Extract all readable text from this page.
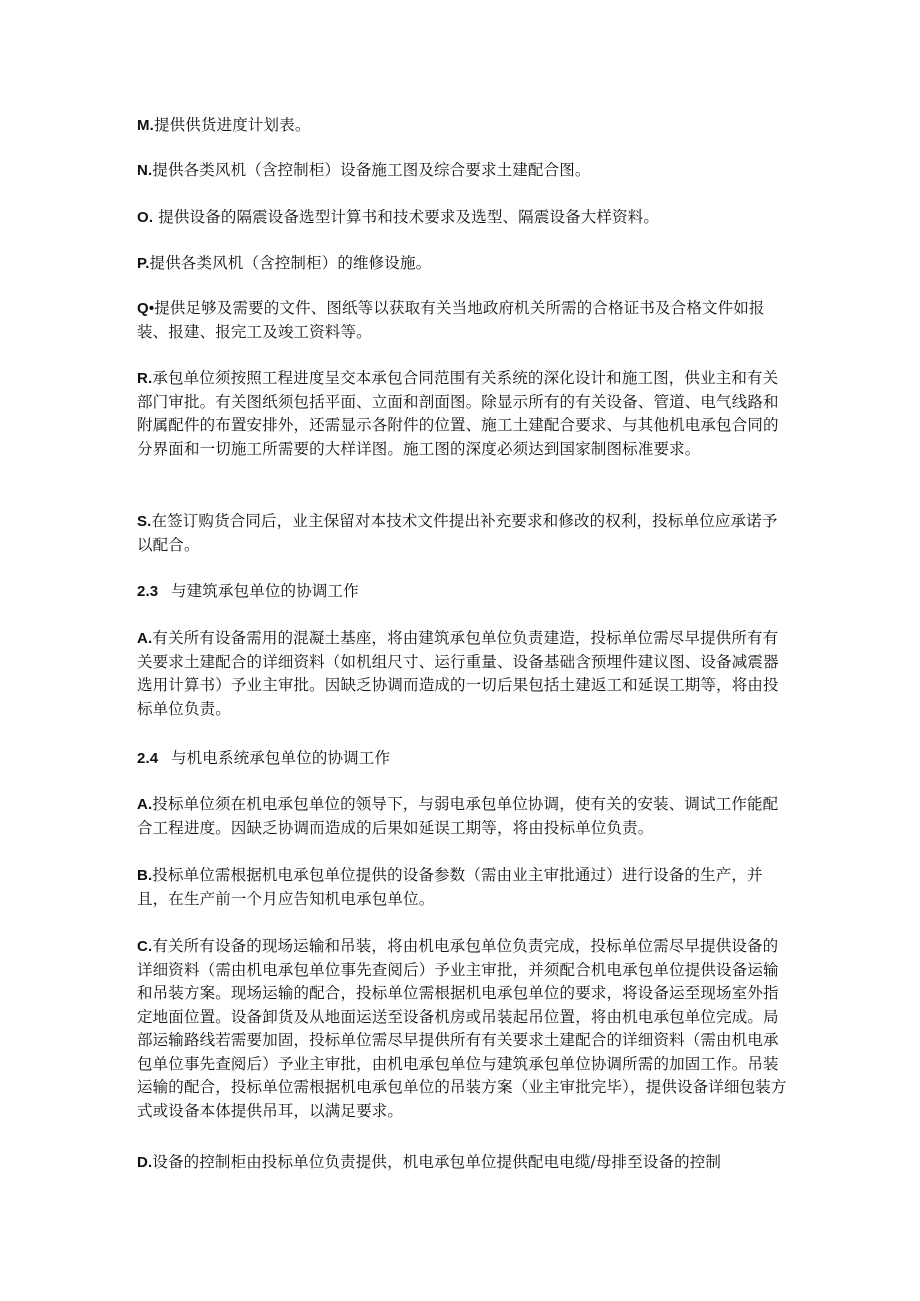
M.提供供货进度计划表。

N.提供各类风机（含控制柜）设备施工图及综合要求土建配合图。

O. 提供设备的隔震设备选型计算书和技术要求及选型、隔震设备大样资料。

P.提供各类风机（含控制柜）的维修设施。

Q•提供足够及需要的文件、图纸等以获取有关当地政府机关所需的合格证书及合格文件如报装、报建、报完工及竣工资料等。

R.承包单位须按照工程进度呈交本承包合同范围有关系统的深化设计和施工图，供业主和有关部门审批。有关图纸须包括平面、立面和剖面图。除显示所有的有关设备、管道、电气线路和附属配件的布置安排外，还需显示各附件的位置、施工土建配合要求、与其他机电承包合同的分界面和一切施工所需要的大样详图。施工图的深度必须达到国家制图标准要求。

S.在签订购货合同后，业主保留对本技术文件提出补充要求和修改的权利，投标单位应承诺予以配合。

2.3 与建筑承包单位的协调工作

A.有关所有设备需用的混凝土基座，将由建筑承包单位负责建造，投标单位需尽早提供所有有关要求土建配合的详细资料（如机组尺寸、运行重量、设备基础含预埋件建议图、设备减震器选用计算书）予业主审批。因缺乏协调而造成的一切后果包括土建返工和延误工期等，将由投标单位负责。

2.4 与机电系统承包单位的协调工作

A.投标单位须在机电承包单位的领导下，与弱电承包单位协调，使有关的安装、调试工作能配合工程进度。因缺乏协调而造成的后果如延误工期等，将由投标单位负责。

B.投标单位需根据机电承包单位提供的设备参数（需由业主审批通过）进行设备的生产，并且，在生产前一个月应告知机电承包单位。

C.有关所有设备的现场运输和吊装，将由机电承包单位负责完成，投标单位需尽早提供设备的详细资料（需由机电承包单位事先查阅后）予业主审批，并须配合机电承包单位提供设备运输和吊装方案。现场运输的配合，投标单位需根据机电承包单位的要求，将设备运至现场室外指定地面位置。设备卸货及从地面运送至设备机房或吊装起吊位置，将由机电承包单位完成。局部运输路线若需要加固，投标单位需尽早提供所有有关要求土建配合的详细资料（需由机电承包单位事先查阅后）予业主审批，由机电承包单位与建筑承包单位协调所需的加固工作。吊装运输的配合，投标单位需根据机电承包单位的吊装方案（业主审批完毕），提供设备详细包装方式或设备本体提供吊耳，以满足要求。

D.设备的控制柜由投标单位负责提供，机电承包单位提供配电电缆/母排至设备的控制
